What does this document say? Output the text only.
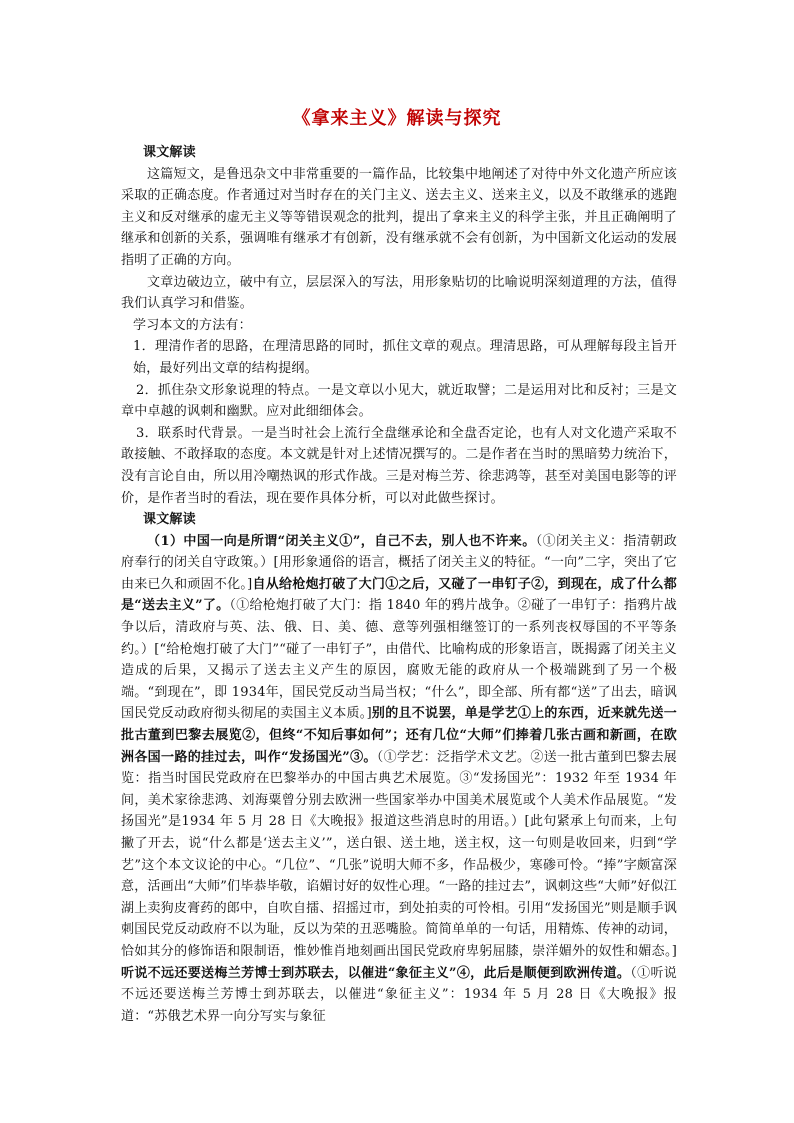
《拿来主义》解读与探究

课文解读

这篇短文，是鲁迅杂文中非常重要的一篇作品，比较集中地阐述了对待中外文化遗产所应该采取的正确态度。作者通过对当时存在的关门主义、送去主义、送来主义，以及不敢继承的逃跑主义和反对继承的虚无主义等等错误观念的批判，提出了拿来主义的科学主张，并且正确阐明了继承和创新的关系，强调唯有继承才有创新，没有继承就不会有创新，为中国新文化运动的发展指明了正确的方向。

文章边破边立，破中有立，层层深入的写法，用形象贴切的比喻说明深刻道理的方法，值得我们认真学习和借鉴。

学习本文的方法有：

1．理清作者的思路，在理清思路的同时，抓住文章的观点。理清思路，可从理解每段主旨开始，最好列出文章的结构提纲。

2．抓住杂文形象说理的特点。一是文章以小见大，就近取譬；二是运用对比和反衬；三是文章中卓越的讽刺和幽默。应对此细细体会。

3．联系时代背景。一是当时社会上流行全盘继承论和全盘否定论，也有人对文化遗产采取不敢接触、不敢择取的态度。本文就是针对上述情况撰写的。二是作者在当时的黑暗势力统治下，没有言论自由，所以用冷嘲热讽的形式作战。三是对梅兰芳、徐悲鸿等，甚至对美国电影等的评价，是作者当时的看法，现在要作具体分析，可以对此做些探讨。

课文解读

（1）中国一向是所谓“闭关主义①”，自己不去，别人也不许来。（①闭关主义：指清朝政府奉行的闭关自守政策。）[用形象通俗的语言，概括了闭关主义的特征。“一向”二字，突出了它由来已久和顽固不化。]自从给枪炮打破了大门①之后，又碰了一串钉子②，到现在，成了什么都是“送去主义”了。（①给枪炮打破了大门：指 1840 年的鸦片战争。②碰了一串钉子：指鸦片战争以后，清政府与英、法、俄、日、美、德、意等列强相继签订的一系列丧权辱国的不平等条约。）[“给枪炮打破了大门”“碰了一串钉子”，由借代、比喻构成的形象语言，既揭露了闭关主义造成的后果，又揭示了送去主义产生的原因，腐败无能的政府从一个极端跳到了另一个极端。“到现在”，即 1934年，国民党反动当局当权；“什么”，即全部、所有都“送”了出去，暗讽国民党反动政府彻头彻尾的卖国主义本质。]别的且不说罢，单是学艺①上的东西，近来就先送一批古董到巴黎去展览②，但终“不知后事如何”；还有几位“大师”们捧着几张古画和新画，在欧洲各国一路的挂过去，叫作“发扬国光”③。（①学艺：泛指学术文艺。②送一批古董到巴黎去展览：指当时国民党政府在巴黎举办的中国古典艺术展览。③“发扬国光”：1932 年至 1934 年间，美术家徐悲鸿、刘海粟曾分别去欧洲一些国家举办中国美术展览或个人美术作品展览。“发扬国光”是1934 年 5 月 28 日《大晚报》报道这些消息时的用语。）[此句紧承上句而来，上句撇了开去，说“什么都是‘送去主义’”，送白银、送土地，送主权，这一句则是收回来，归到“学艺”这个本文议论的中心。“几位”、“几张”说明大师不多，作品极少，寒碜可怜。“捧”字颇富深意，活画出“大师”们毕恭毕敬，谄媚讨好的奴性心理。“一路的挂过去”，讽刺这些“大师”好似江湖上卖狗皮膏药的郎中，自吹自擂、招摇过市，到处拍卖的可怜相。引用“发扬国光”则是顺手讽刺国民党反动政府不以为耻，反以为荣的丑恶嘴脸。简简单单的一句话，用精炼、传神的动词，恰如其分的修饰语和限制语，惟妙惟肖地刻画出国民党政府卑躬屈膝，崇洋媚外的奴性和媚态。]听说不远还要送梅兰芳博士到苏联去，以催进“象征主义”④，此后是顺便到欧洲传道。（①听说不远还要送梅兰芳博士到苏联去，以催进“象征主义”：1934 年 5 月 28 日《大晚报》报道：“苏俄艺术界一向分写实与象征
